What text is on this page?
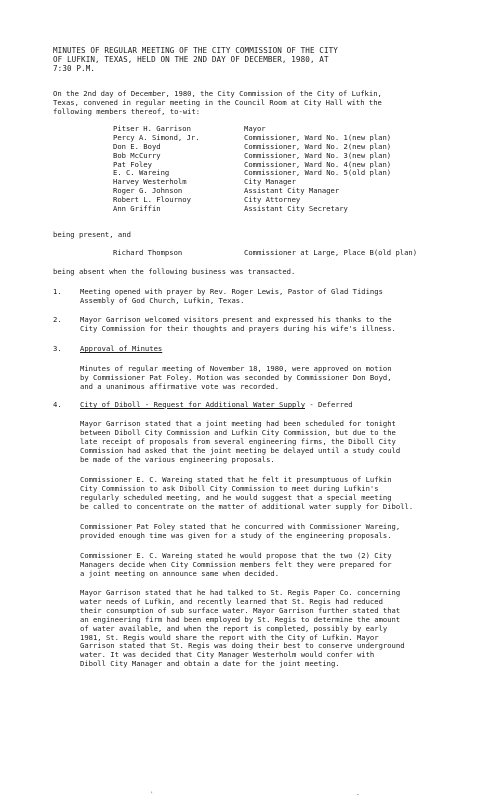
MINUTES OF REGULAR MEETING OF THE CITY COMMISSION OF THE CITY
OF LUFKIN, TEXAS, HELD ON THE 2ND DAY OF DECEMBER, 1980, AT
7:30 P.M.
On the 2nd day of December, 1980, the City Commission of the City of Lufkin,
Texas, convened in regular meeting in the Council Room at City Hall with the
following members thereof, to-wit:
Pitser H. Garrison	Mayor
Percy A. Simond, Jr.	Commissioner, Ward No. 1(new plan)
Don E. Boyd	Commissioner, Ward No. 2(new plan)
Bob McCurry	Commissioner, Ward No. 3(new plan)
Pat Foley	Commissioner, Ward No. 4(new plan)
E. C. Wareing	Commissioner, Ward No. 5(old plan)
Harvey Westerholm	City Manager
Roger G. Johnson	Assistant City Manager
Robert L. Flournoy	City Attorney
Ann Griffin	Assistant City Secretary
being present, and
Richard Thompson	Commissioner at Large, Place B(old plan)
being absent when the following business was transacted.
1.	Meeting opened with prayer by Rev. Roger Lewis, Pastor of Glad Tidings
Assembly of God Church, Lufkin, Texas.
2.	Mayor Garrison welcomed visitors present and expressed his thanks to the
City Commission for their thoughts and prayers during his wife's illness.
3.	Approval of Minutes
Minutes of regular meeting of November 18, 1980, were approved on motion
by Commissioner Pat Foley. Motion was seconded by Commissioner Don Boyd,
and a unanimous affirmative vote was recorded.
4.	City of Diboll - Request for Additional Water Supply - Deferred
Mayor Garrison stated that a joint meeting had been scheduled for tonight
between Diboll City Commission and Lufkin City Commission, but due to the
late receipt of proposals from several engineering firms, the Diboll City
Commission had asked that the joint meeting be delayed until a study could
be made of the various engineering proposals.
Commissioner E. C. Wareing stated that he felt it presumptuous of Lufkin
City Commission to ask Diboll City Commission to meet during Lufkin's
regularly scheduled meeting, and he would suggest that a special meeting
be called to concentrate on the matter of additional water supply for Diboll.
Commissioner Pat Foley stated that he concurred with Commissioner Wareing,
provided enough time was given for a study of the engineering proposals.
Commissioner E. C. Wareing stated he would propose that the two (2) City
Managers decide when City Commission members felt they were prepared for
a joint meeting on announce same when decided.
Mayor Garrison stated that he had talked to St. Regis Paper Co. concerning
water needs of Lufkin, and recently learned that St. Regis had reduced
their consumption of sub surface water. Mayor Garrison further stated that
an engineering firm had been employed by St. Regis to determine the amount
of water available, and when the report is completed, possibly by early
1981, St. Regis would share the report with the City of Lufkin. Mayor
Garrison stated that St. Regis was doing their best to conserve underground
water. It was decided that City Manager Westerholm would confer with
Diboll City Manager and obtain a date for the joint meeting.
'	-
